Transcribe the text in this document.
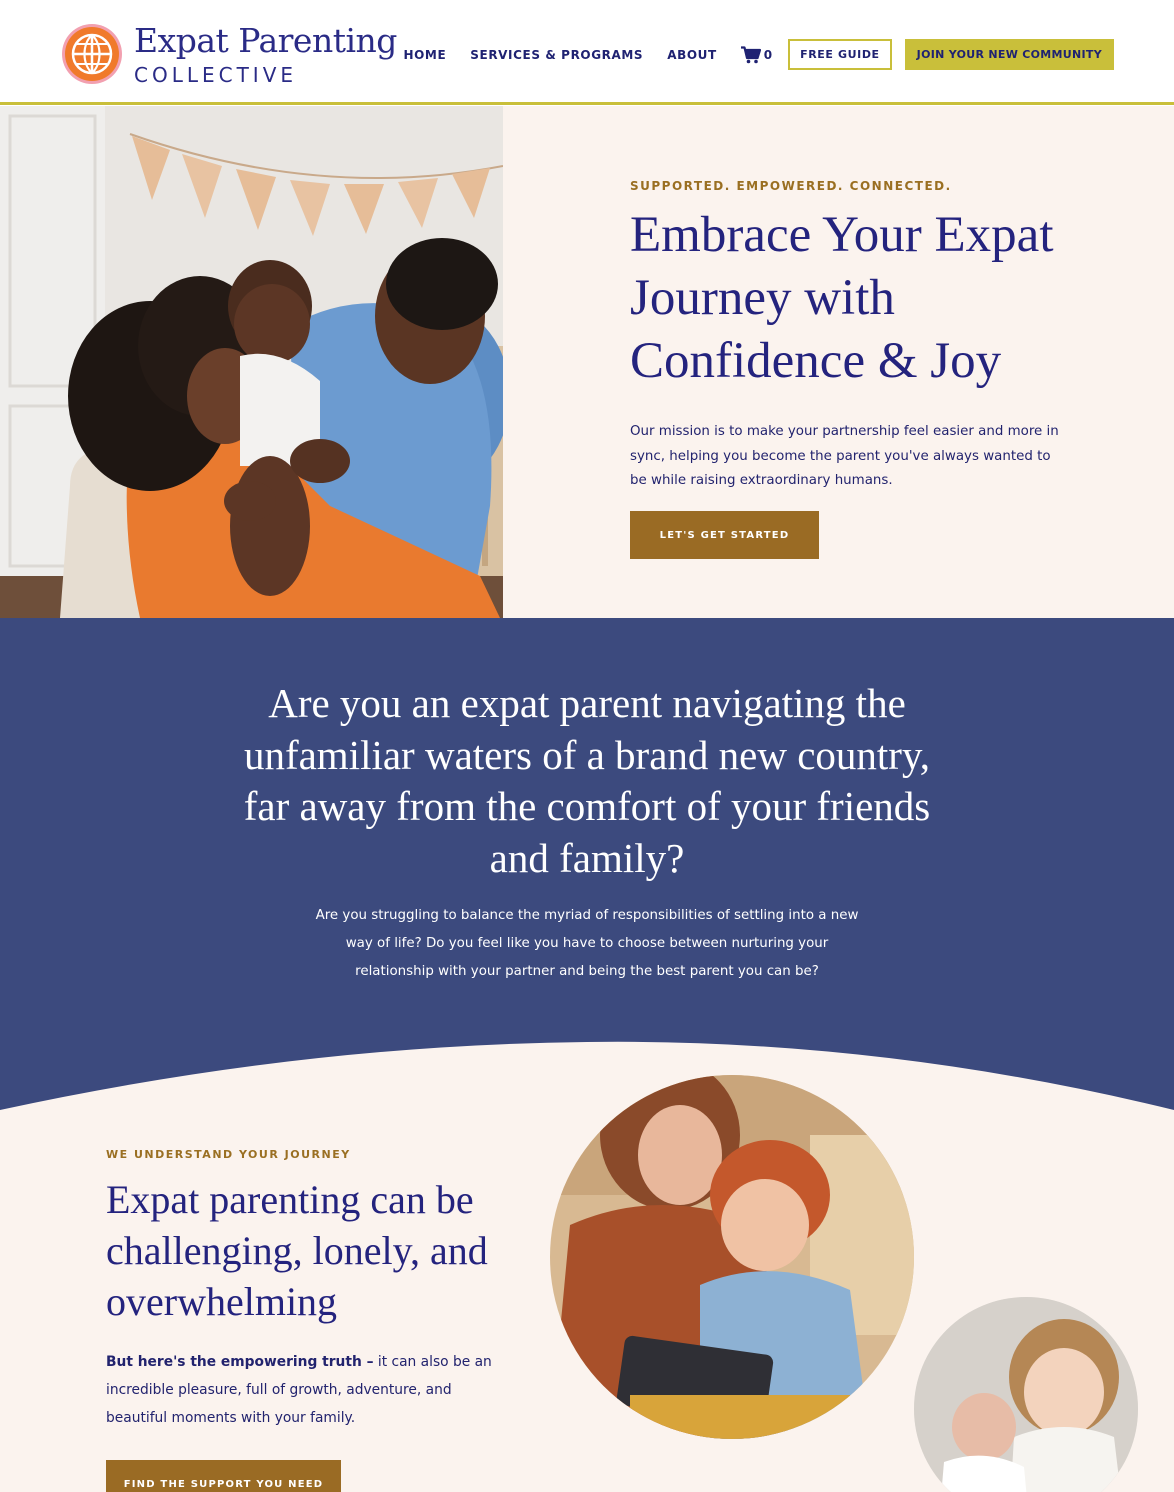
Expat Parenting
COLLECTIVE
HOME SERVICES & PROGRAMS ABOUT	0	FREE GUIDE	JOIN YOUR NEW COMMUNITY
SUPPORTED. EMPOWERED. CONNECTED.
Embrace Your Expat Journey with Confidence & Joy

Our mission is to make your partnership feel easier and more in sync, helping you become the parent you've always wanted to be while raising extraordinary humans.

LET'S GET STARTED
Are you an expat parent navigating the unfamiliar waters of a brand new country, far away from the comfort of your friends and family?

Are you struggling to balance the myriad of responsibilities of settling into a new way of life? Do you feel like you have to choose between nurturing your relationship with your partner and being the best parent you can be?

WE UNDERSTAND YOUR JOURNEY
Expat parenting can be challenging, lonely, and overwhelming

But here's the empowering truth – it can also be an incredible pleasure, full of growth, adventure, and beautiful moments with your family.

FIND THE SUPPORT YOU NEED
